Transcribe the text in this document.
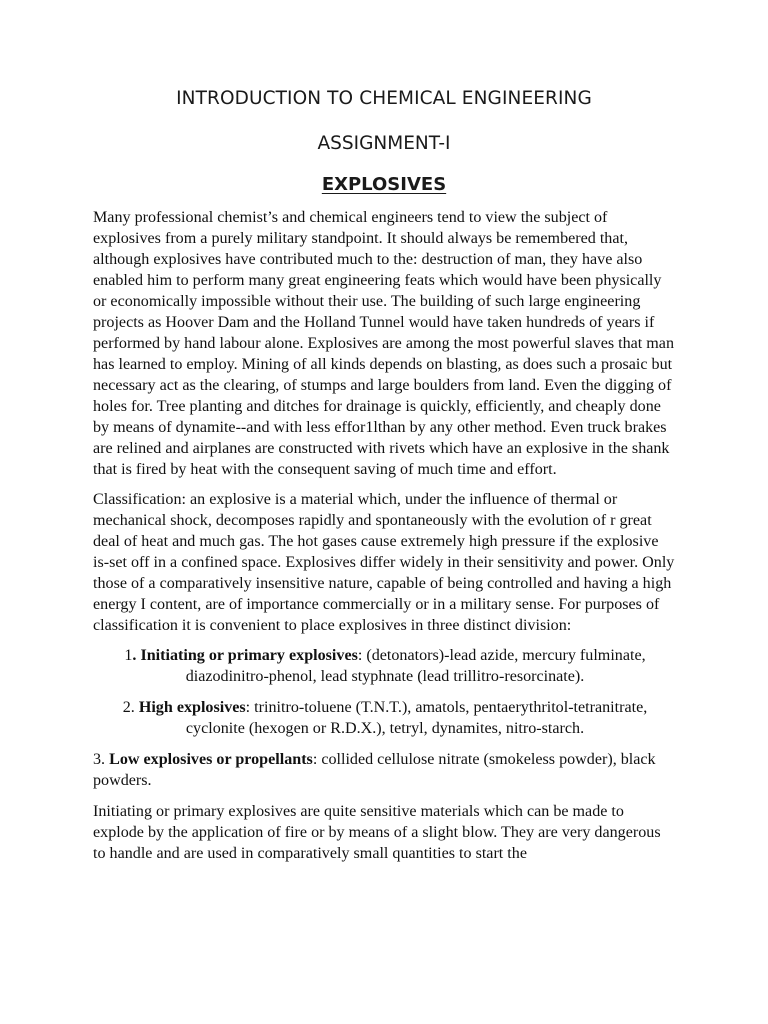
INTRODUCTION TO CHEMICAL ENGINEERING
ASSIGNMENT-I
EXPLOSIVES

Many professional chemist’s and chemical engineers tend to view the subject of explosives from a purely military standpoint. It should always be remembered that, although explosives have contributed much to the: destruction of man, they have also enabled him to perform many great engineering feats which would have been physically or economically impossible without their use. The building of such large engineering projects as Hoover Dam and the Holland Tunnel would have taken hundreds of years if performed by hand labour alone. Explosives are among the most powerful slaves that man has learned to employ. Mining of all kinds depends on blasting, as does such a prosaic but necessary act as the clearing, of stumps and large boulders from land. Even the digging of holes for. Tree planting and ditches for drainage is quickly, efficiently, and cheaply done by means of dynamite--and with less effor1lthan by any other method. Even truck brakes are relined and airplanes are constructed with rivets which have an explosive in the shank that is fired by heat with the consequent saving of much time and effort.

Classification: an explosive is a material which, under the influence of thermal or mechanical shock, decomposes rapidly and spontaneously with the evolution of r great deal of heat and much gas. The hot gases cause extremely high pressure if the explosive is-set off in a confined space. Explosives differ widely in their sensitivity and power. Only those of a comparatively insensitive nature, capable of being controlled and having a high energy I content, are of importance commercially or in a military sense. For purposes of classification it is convenient to place explosives in three distinct division:

1. Initiating or primary explosives: (detonators)-lead azide, mercury fulminate, diazodinitro-phenol, lead styphnate (lead trillitro-resorcinate).

2. High explosives: trinitro-toluene (T.N.T.), amatols, pentaerythritol-tetranitrate, cyclonite (hexogen or R.D.X.), tetryl, dynamites, nitro-starch.

3. Low explosives or propellants: collided cellulose nitrate (smokeless powder), black powders.

Initiating or primary explosives are quite sensitive materials which can be made to explode by the application of fire or by means of a slight blow. They are very dangerous to handle and are used in comparatively small quantities to start the
